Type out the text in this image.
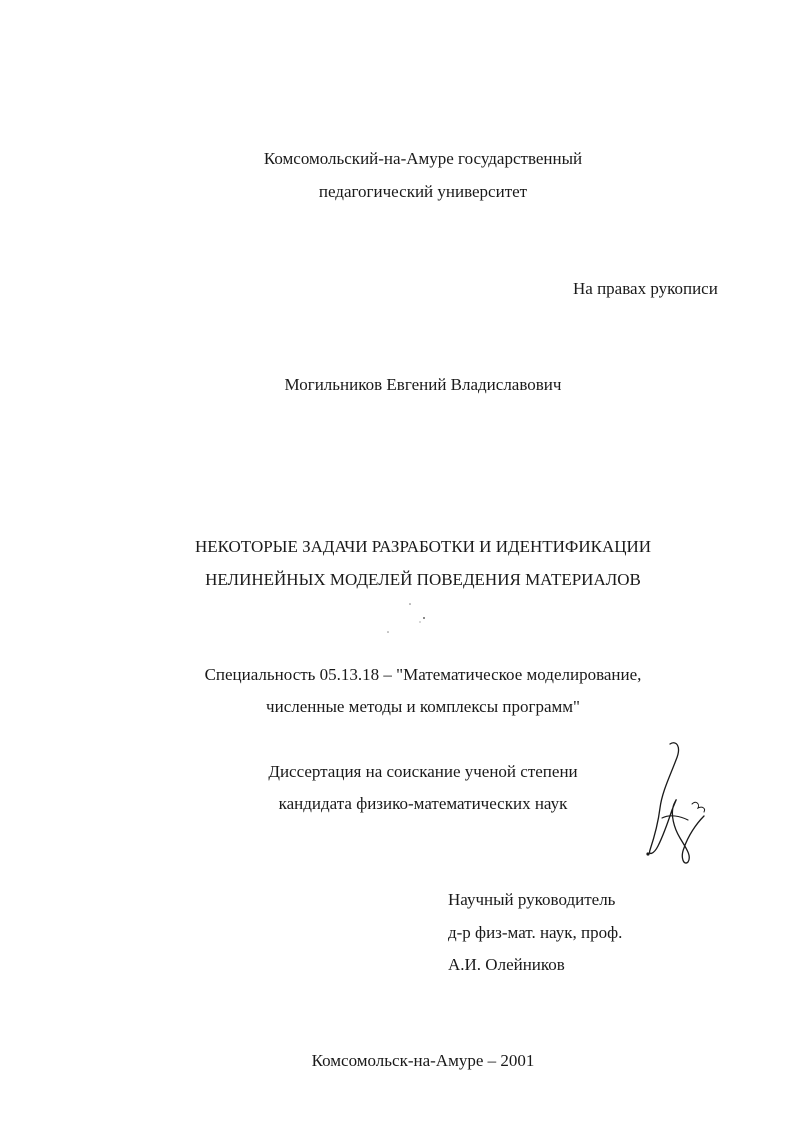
Комсомольский-на-Амуре государственный
педагогический университет
На правах рукописи
Могильников Евгений Владиславович
НЕКОТОРЫЕ ЗАДАЧИ РАЗРАБОТКИ И ИДЕНТИФИКАЦИИ
НЕЛИНЕЙНЫХ МОДЕЛЕЙ ПОВЕДЕНИЯ МАТЕРИАЛОВ
Специальность 05.13.18 – "Математическое моделирование,
численные методы и комплексы программ"
Диссертация на соискание ученой степени
кандидата физико-математических наук
Научный руководитель
д-р физ-мат. наук, проф.
А.И. Олейников
Комсомольск-на-Амуре – 2001
